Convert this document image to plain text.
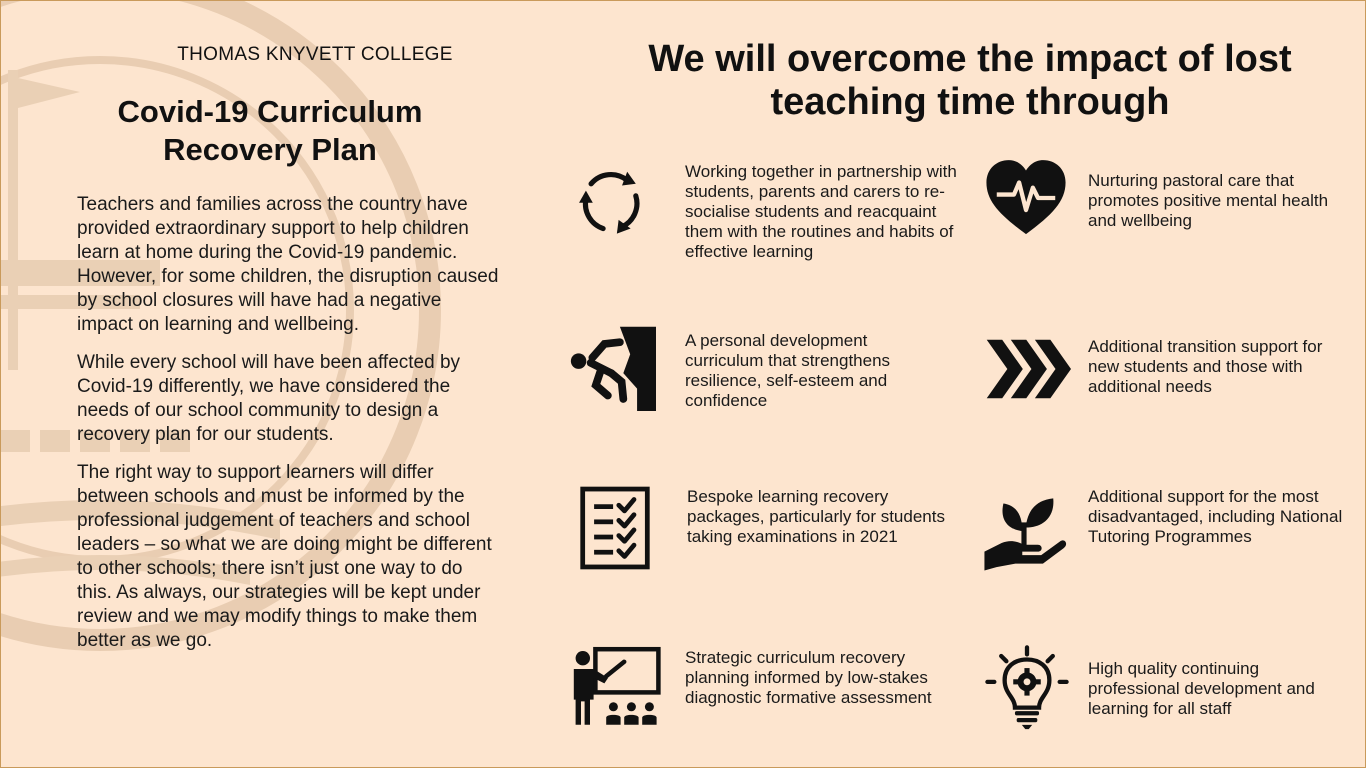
THOMAS KNYVETT COLLEGE
Covid-19 Curriculum Recovery Plan

Teachers and families across the country have provided extraordinary support to help children learn at home during the Covid-19 pandemic. However, for some children, the disruption caused by school closures will have had a negative impact on learning and wellbeing.

While every school will have been affected by Covid-19 differently, we have considered the needs of our school community to design a recovery plan for our students.

The right way to support learners will differ between schools and must be informed by the professional judgement of teachers and school leaders – so what we are doing might be different to other schools; there isn’t just one way to do this. As always, our strategies will be kept under review and we may modify things to make them better as we go.

We will overcome the impact of lost teaching time through
Working together in partnership with students, parents and carers to re-socialise students and reacquaint them with the routines and habits of effective learning
Nurturing pastoral care that promotes positive mental health and wellbeing
A personal development curriculum that strengthens resilience, self-esteem and confidence
Additional transition support for new students and those with additional needs
Bespoke learning recovery packages, particularly for students taking examinations in 2021
Additional support for the most disadvantaged, including National Tutoring Programmes
Strategic curriculum recovery planning informed by low-stakes diagnostic formative assessment
High quality continuing professional development and learning for all staff
